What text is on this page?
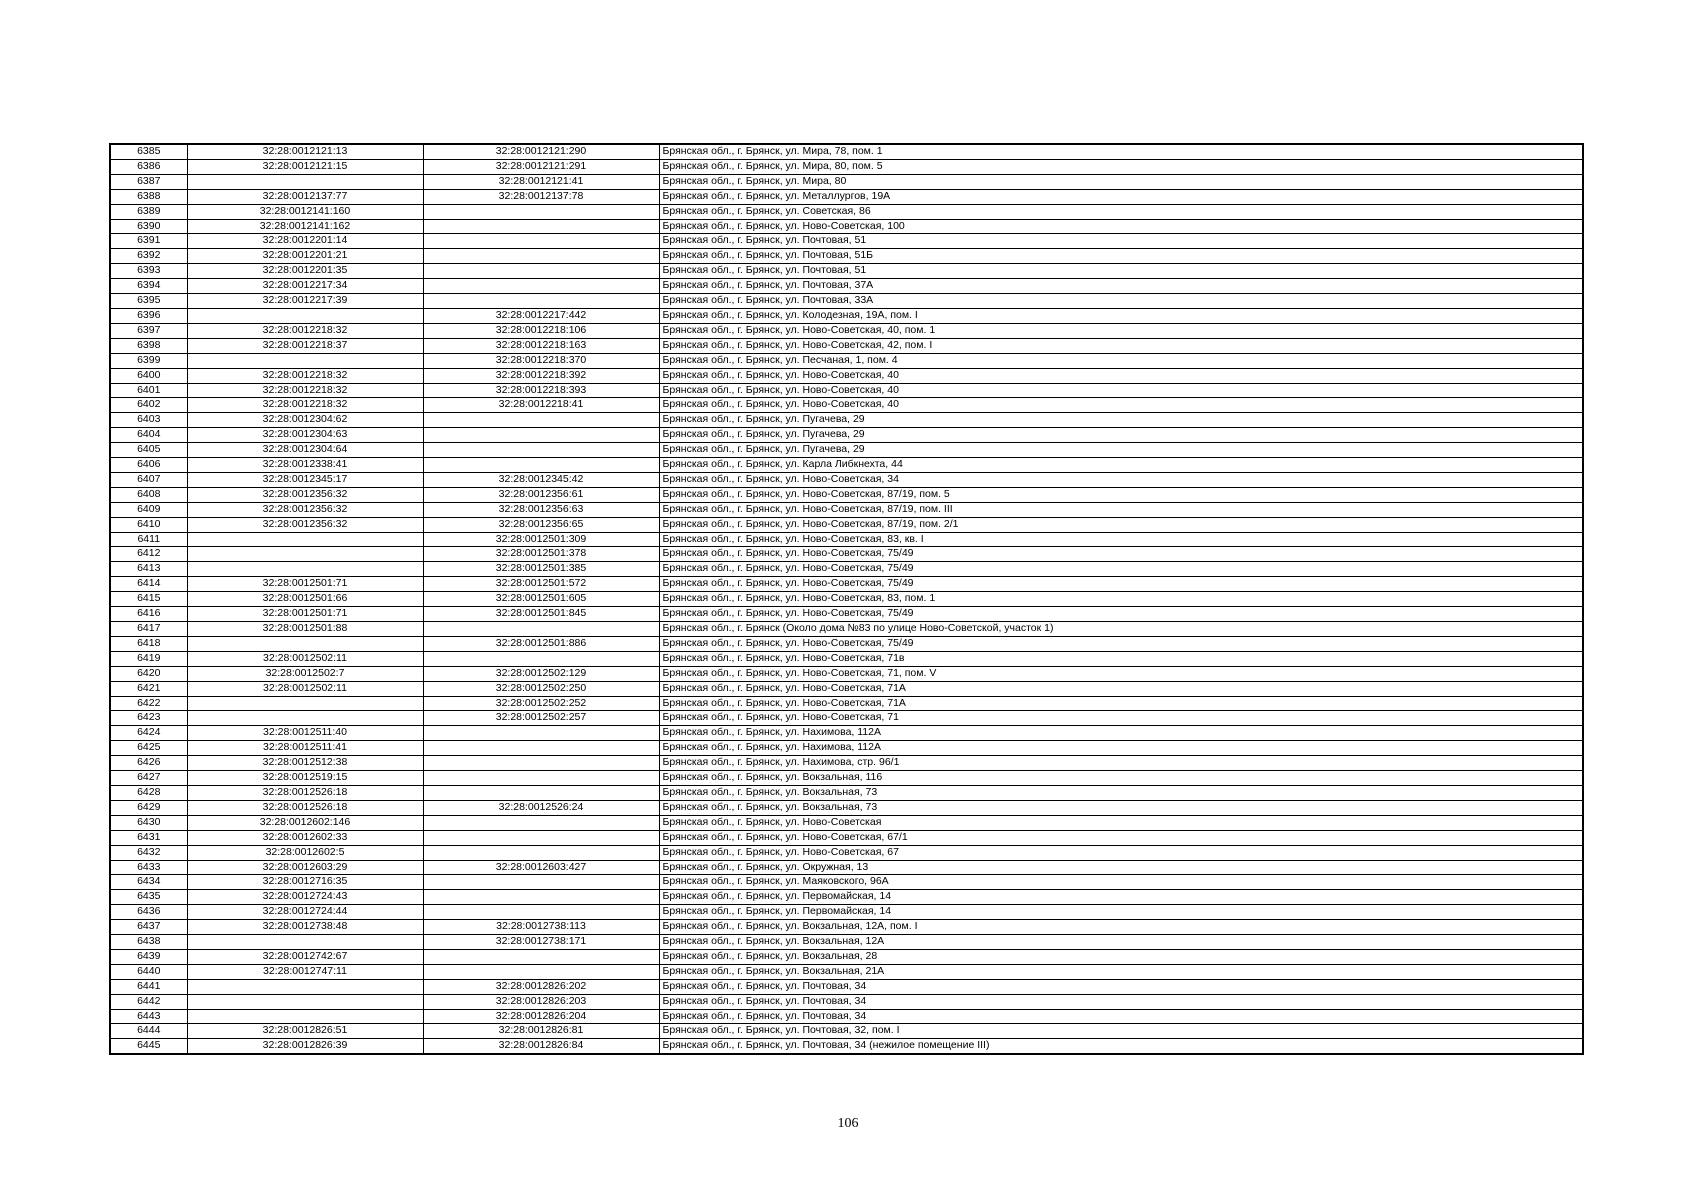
6385	32:28:0012121:13	32:28:0012121:290	Брянская обл., г. Брянск, ул. Мира, 78, пом. 1
6386	32:28:0012121:15	32:28:0012121:291	Брянская обл., г. Брянск, ул. Мира, 80, пом. 5
6387		32:28:0012121:41	Брянская обл., г. Брянск, ул. Мира, 80
6388	32:28:0012137:77	32:28:0012137:78	Брянская обл., г. Брянск, ул. Металлургов, 19А
6389	32:28:0012141:160		Брянская обл., г. Брянск, ул. Советская, 86
6390	32:28:0012141:162		Брянская обл., г. Брянск, ул. Ново-Советская, 100
6391	32:28:0012201:14		Брянская обл., г. Брянск, ул. Почтовая, 51
6392	32:28:0012201:21		Брянская обл., г. Брянск, ул. Почтовая, 51Б
6393	32:28:0012201:35		Брянская обл., г. Брянск, ул. Почтовая, 51
6394	32:28:0012217:34		Брянская обл., г. Брянск, ул. Почтовая, 37А
6395	32:28:0012217:39		Брянская обл., г. Брянск, ул. Почтовая, 33А
6396		32:28:0012217:442	Брянская обл., г. Брянск, ул. Колодезная, 19А, пом. I
6397	32:28:0012218:32	32:28:0012218:106	Брянская обл., г. Брянск, ул. Ново-Советская, 40, пом. 1
6398	32:28:0012218:37	32:28:0012218:163	Брянская обл., г. Брянск, ул. Ново-Советская, 42, пом. I
6399		32:28:0012218:370	Брянская обл., г. Брянск, ул. Песчаная, 1, пом. 4
6400	32:28:0012218:32	32:28:0012218:392	Брянская обл., г. Брянск, ул. Ново-Советская, 40
6401	32:28:0012218:32	32:28:0012218:393	Брянская обл., г. Брянск, ул. Ново-Советская, 40
6402	32:28:0012218:32	32:28:0012218:41	Брянская обл., г. Брянск, ул. Ново-Советская, 40
6403	32:28:0012304:62		Брянская обл., г. Брянск, ул. Пугачева, 29
6404	32:28:0012304:63		Брянская обл., г. Брянск, ул. Пугачева, 29
6405	32:28:0012304:64		Брянская обл., г. Брянск, ул. Пугачева, 29
6406	32:28:0012338:41		Брянская обл., г. Брянск, ул. Карла Либкнехта, 44
6407	32:28:0012345:17	32:28:0012345:42	Брянская обл., г. Брянск, ул. Ново-Советская, 34
6408	32:28:0012356:32	32:28:0012356:61	Брянская обл., г. Брянск, ул. Ново-Советская, 87/19, пом. 5
6409	32:28:0012356:32	32:28:0012356:63	Брянская обл., г. Брянск, ул. Ново-Советская, 87/19, пом. III
6410	32:28:0012356:32	32:28:0012356:65	Брянская обл., г. Брянск, ул. Ново-Советская, 87/19, пом. 2/1
6411		32:28:0012501:309	Брянская обл., г. Брянск, ул. Ново-Советская, 83, кв. I
6412		32:28:0012501:378	Брянская обл., г. Брянск, ул. Ново-Советская, 75/49
6413		32:28:0012501:385	Брянская обл., г. Брянск, ул. Ново-Советская, 75/49
6414	32:28:0012501:71	32:28:0012501:572	Брянская обл., г. Брянск, ул. Ново-Советская, 75/49
6415	32:28:0012501:66	32:28:0012501:605	Брянская обл., г. Брянск, ул. Ново-Советская, 83, пом. 1
6416	32:28:0012501:71	32:28:0012501:845	Брянская обл., г. Брянск, ул. Ново-Советская, 75/49
6417	32:28:0012501:88		Брянская обл., г. Брянск (Около дома №83 по улице Ново-Советской, участок 1)
6418		32:28:0012501:886	Брянская обл., г. Брянск, ул. Ново-Советская, 75/49
6419	32:28:0012502:11		Брянская обл., г. Брянск, ул. Ново-Советская, 71в
6420	32:28:0012502:7	32:28:0012502:129	Брянская обл., г. Брянск, ул. Ново-Советская, 71, пом. V
6421	32:28:0012502:11	32:28:0012502:250	Брянская обл., г. Брянск, ул. Ново-Советская, 71А
6422		32:28:0012502:252	Брянская обл., г. Брянск, ул. Ново-Советская, 71А
6423		32:28:0012502:257	Брянская обл., г. Брянск, ул. Ново-Советская, 71
6424	32:28:0012511:40		Брянская обл., г. Брянск, ул. Нахимова, 112А
6425	32:28:0012511:41		Брянская обл., г. Брянск, ул. Нахимова, 112А
6426	32:28:0012512:38		Брянская обл., г. Брянск, ул. Нахимова, стр. 96/1
6427	32:28:0012519:15		Брянская обл., г. Брянск, ул. Вокзальная, 116
6428	32:28:0012526:18		Брянская обл., г. Брянск, ул. Вокзальная, 73
6429	32:28:0012526:18	32:28:0012526:24	Брянская обл., г. Брянск, ул. Вокзальная, 73
6430	32:28:0012602:146		Брянская обл., г. Брянск, ул. Ново-Советская
6431	32:28:0012602:33		Брянская обл., г. Брянск, ул. Ново-Советская, 67/1
6432	32:28:0012602:5		Брянская обл., г. Брянск, ул. Ново-Советская, 67
6433	32:28:0012603:29	32:28:0012603:427	Брянская обл., г. Брянск, ул. Окружная, 13
6434	32:28:0012716:35		Брянская обл., г. Брянск, ул. Маяковского, 96А
6435	32:28:0012724:43		Брянская обл., г. Брянск, ул. Первомайская, 14
6436	32:28:0012724:44		Брянская обл., г. Брянск, ул. Первомайская, 14
6437	32:28:0012738:48	32:28:0012738:113	Брянская обл., г. Брянск, ул. Вокзальная, 12А, пом. I
6438		32:28:0012738:171	Брянская обл., г. Брянск, ул. Вокзальная, 12А
6439	32:28:0012742:67		Брянская обл., г. Брянск, ул. Вокзальная, 28
6440	32:28:0012747:11		Брянская обл., г. Брянск, ул. Вокзальная, 21А
6441		32:28:0012826:202	Брянская обл., г. Брянск, ул. Почтовая, 34
6442		32:28:0012826:203	Брянская обл., г. Брянск, ул. Почтовая, 34
6443		32:28:0012826:204	Брянская обл., г. Брянск, ул. Почтовая, 34
6444	32:28:0012826:51	32:28:0012826:81	Брянская обл., г. Брянск, ул. Почтовая, 32, пом. I
6445	32:28:0012826:39	32:28:0012826:84	Брянская обл., г. Брянск, ул. Почтовая, 34 (нежилое помещение III)
106
